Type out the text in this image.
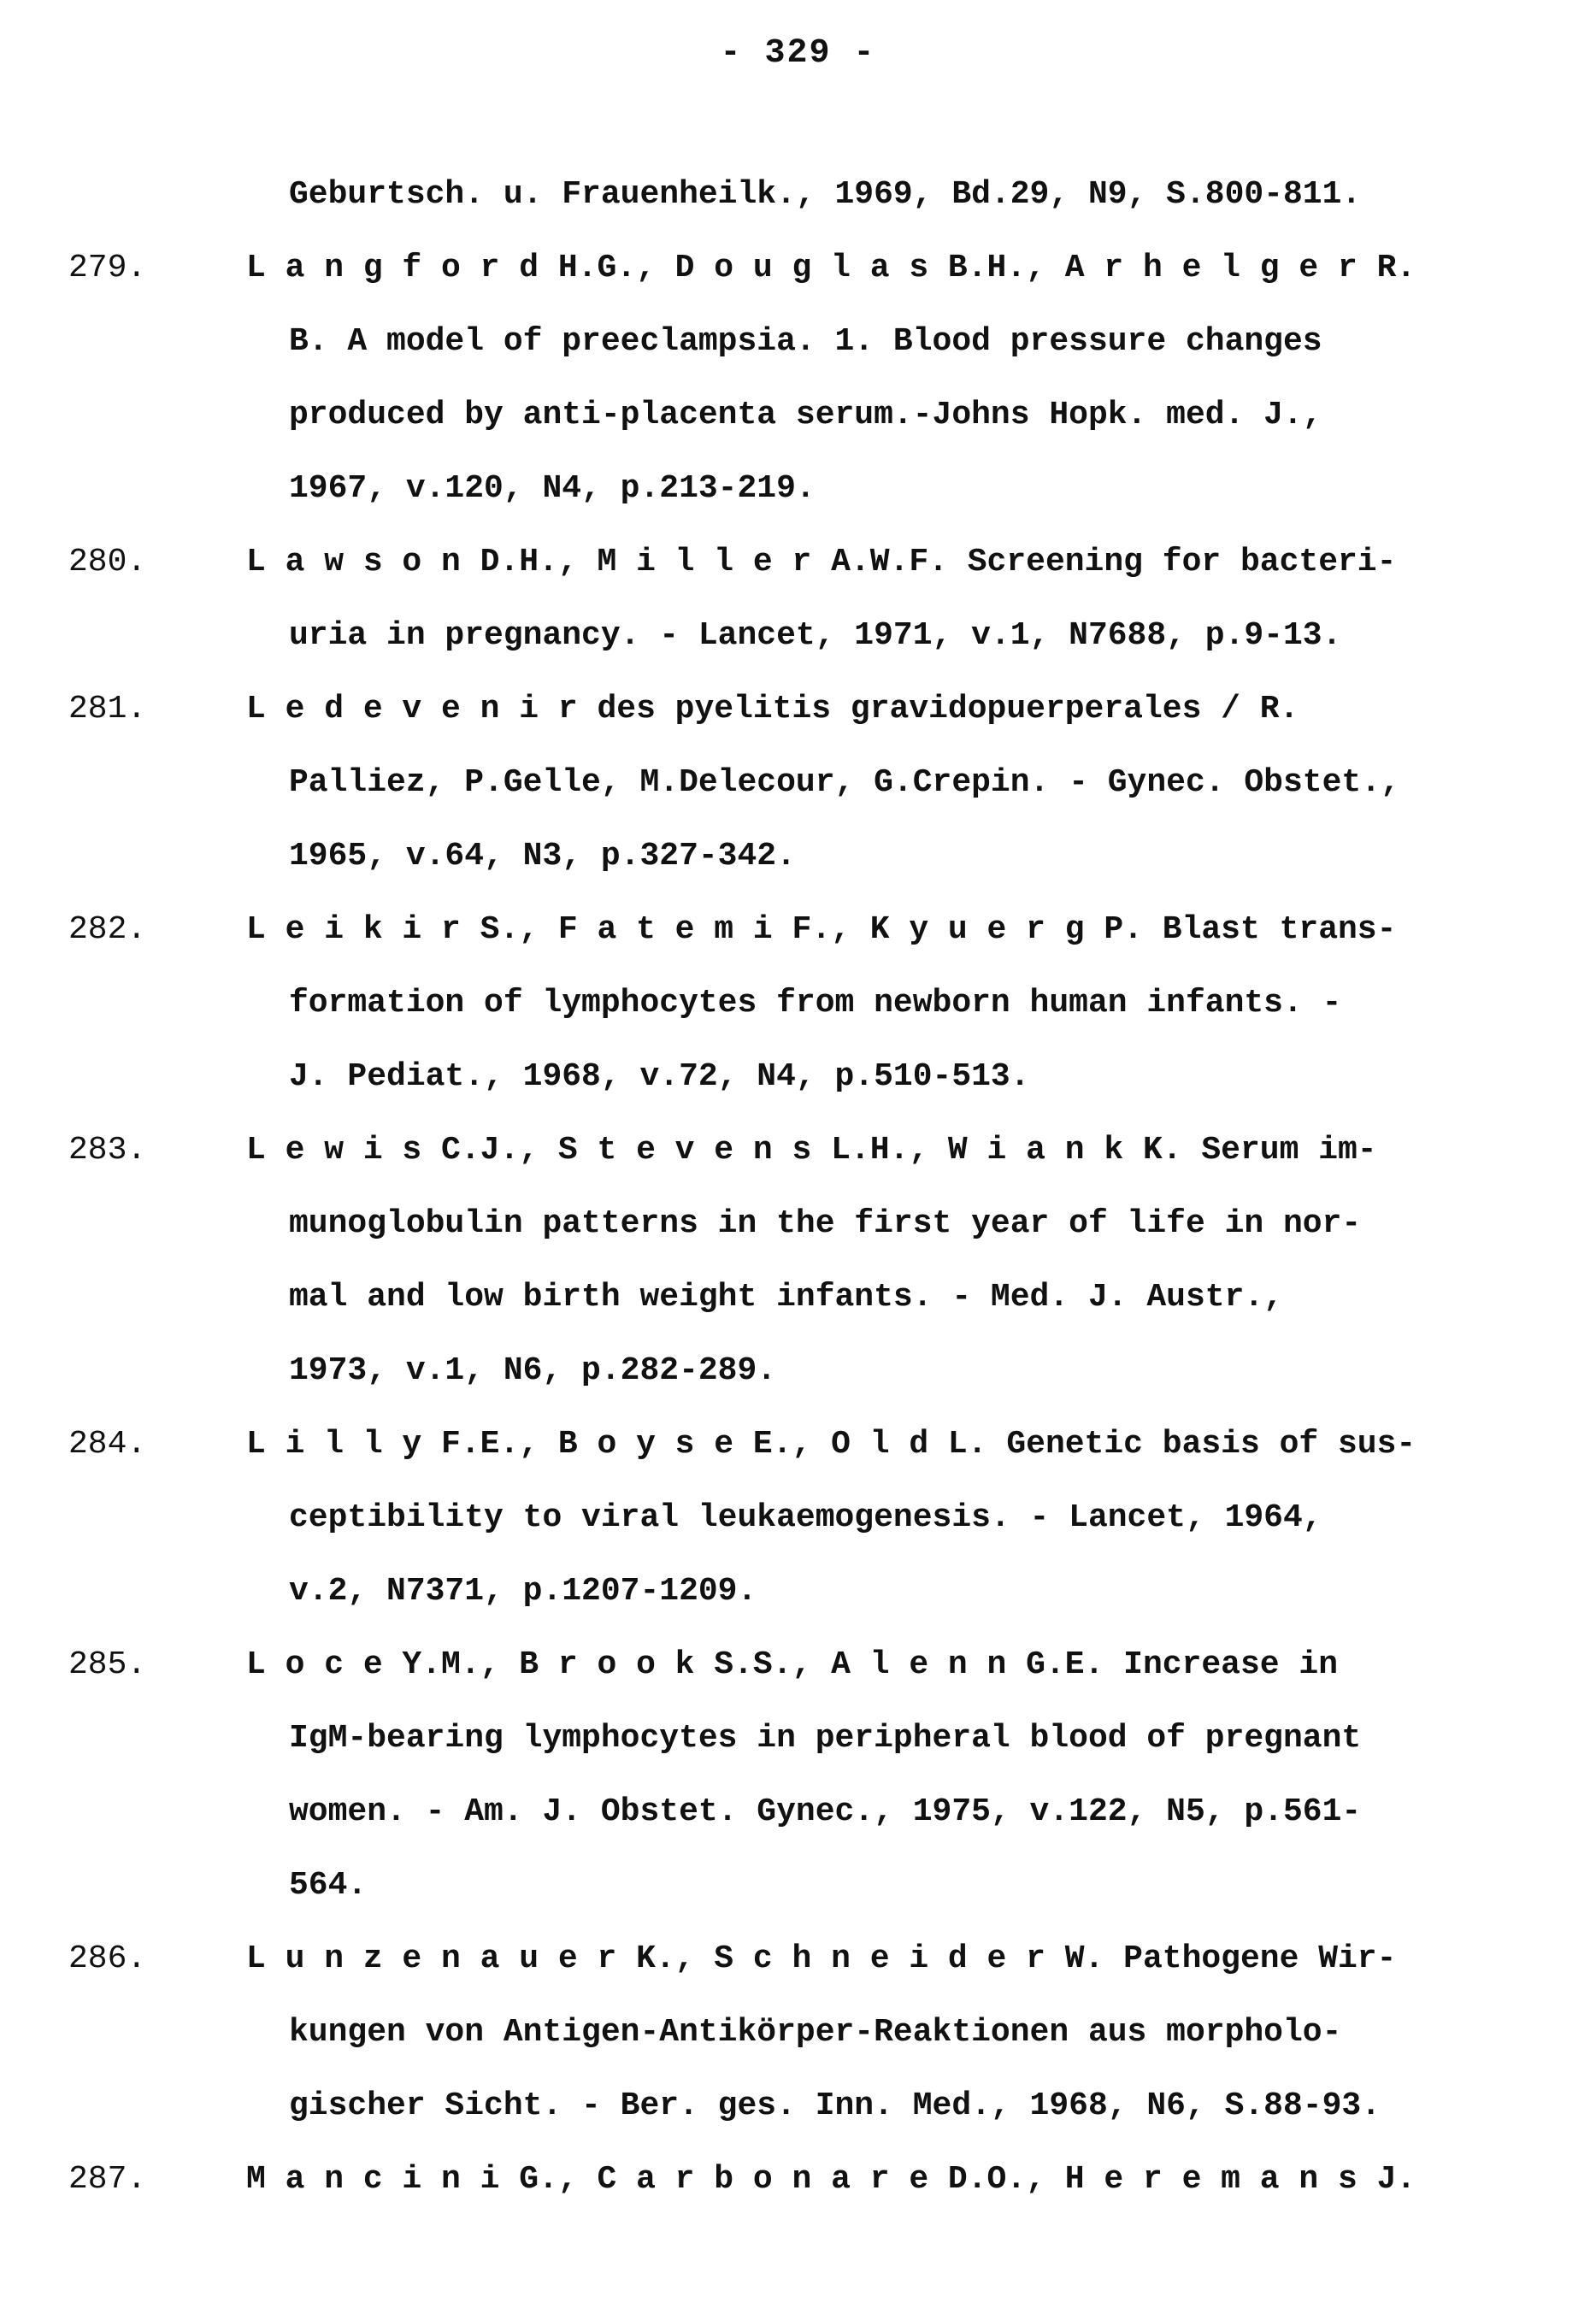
- 329 -
Geburtsch. u. Frauenheilk., 1969, Bd.29, N9, S.800-811.
279.	L a n g f o r d H.G., D o u g l a s B.H., A r h e l g e r R.
B. A model of preeclampsia. 1. Blood pressure changes
produced by anti-placenta serum.-Johns Hopk. med. J.,
1967, v.120, N4, p.213-219.
280.	L a w s o n D.H., M i l l e r A.W.F. Screening for bacteri-
uria in pregnancy. - Lancet, 1971, v.1, N7688, p.9-13.
281.	L e d e v e n i r des pyelitis gravidopuerperales / R.
Palliez, P.Gelle, M.Delecour, G.Crepin. - Gynec. Obstet.,
1965, v.64, N3, p.327-342.
282.	L e i k i r S., F a t e m i F., K y u e r g P. Blast trans-
formation of lymphocytes from newborn human infants. -
J. Pediat., 1968, v.72, N4, p.510-513.
283.	L e w i s C.J., S t e v e n s L.H., W i a n k K. Serum im-
munoglobulin patterns in the first year of life in nor-
mal and low birth weight infants. - Med. J. Austr.,
1973, v.1, N6, p.282-289.
284.	L i l l y F.E., B o y s e E., O l d L. Genetic basis of sus-
ceptibility to viral leukaemogenesis. - Lancet, 1964,
v.2, N7371, p.1207-1209.
285.	L o c e Y.M., B r o o k S.S., A l e n n G.E. Increase in
IgM-bearing lymphocytes in peripheral blood of pregnant
women. - Am. J. Obstet. Gynec., 1975, v.122, N5, p.561-
564.
286.	L u n z e n a u e r K., S c h n e i d e r W. Pathogene Wir-
kungen von Antigen-Antikörper-Reaktionen aus morpholo-
gischer Sicht. - Ber. ges. Inn. Med., 1968, N6, S.88-93.
287.	M a n c i n i G., C a r b o n a r e D.O., H e r e m a n s J.
